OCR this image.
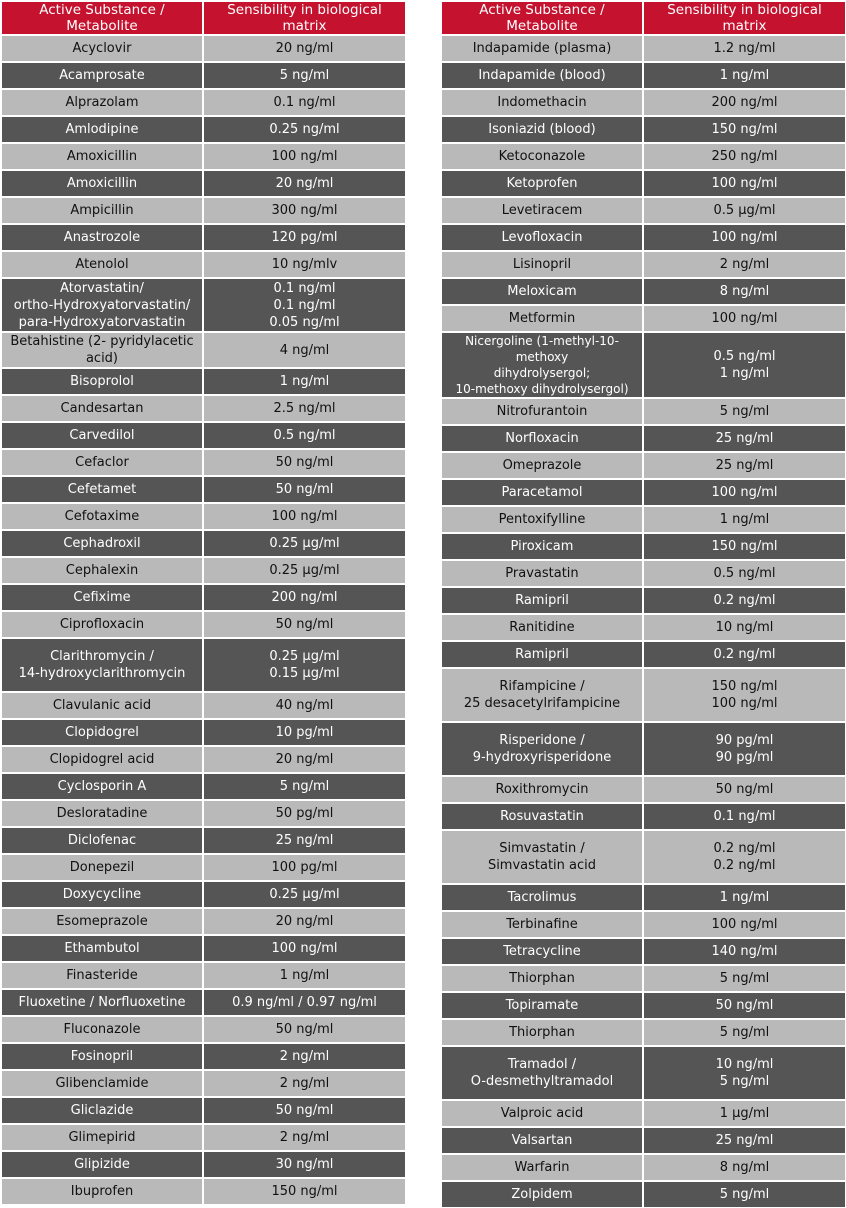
Active Substance / Metabolite	Sensibility in biological matrix
Acyclovir	20 ng/ml
Acamprosate	5 ng/ml
Alprazolam	0.1 ng/ml
Amlodipine	0.25 ng/ml
Amoxicillin	100 ng/ml
Amoxicillin	20 ng/ml
Ampicillin	300 ng/ml
Anastrozole	120 pg/ml
Atenolol	10 ng/mlv
Atorvastatin/
ortho-Hydroxyatorvastatin/
para-Hydroxyatorvastatin	0.1 ng/ml
0.1 ng/ml
0.05 ng/ml
Betahistine (2- pyridylacetic acid)	4 ng/ml
Bisoprolol	1 ng/ml
Candesartan	2.5 ng/ml
Carvedilol	0.5 ng/ml
Cefaclor	50 ng/ml
Cefetamet	50 ng/ml
Cefotaxime	100 ng/ml
Cephadroxil	0.25 µg/ml
Cephalexin	0.25 µg/ml
Cefixime	200 ng/ml
Ciprofloxacin	50 ng/ml
Clarithromycin /
14-hydroxyclarithromycin	0.25 µg/ml
0.15 µg/ml
Clavulanic acid	40 ng/ml
Clopidogrel	10 pg/ml
Clopidogrel acid	20 ng/ml
Cyclosporin A	5 ng/ml
Desloratadine	50 pg/ml
Diclofenac	25 ng/ml
Donepezil	100 pg/ml
Doxycycline	0.25 µg/ml
Esomeprazole	20 ng/ml
Ethambutol	100 ng/ml
Finasteride	1 ng/ml
Fluoxetine / Norfluoxetine	0.9 ng/ml / 0.97 ng/ml
Fluconazole	50 ng/ml
Fosinopril	2 ng/ml
Glibenclamide	2 ng/ml
Gliclazide	50 ng/ml
Glimepirid	2 ng/ml
Glipizide	30 ng/ml
Ibuprofen	150 ng/ml
Active Substance / Metabolite	Sensibility in biological matrix
Indapamide (plasma)	1.2 ng/ml
Indapamide (blood)	1 ng/ml
Indomethacin	200 ng/ml
Isoniazid (blood)	150 ng/ml
Ketoconazole	250 ng/ml
Ketoprofen	100 ng/ml
Levetiracem	0.5 µg/ml
Levofloxacin	100 ng/ml
Lisinopril	2 ng/ml
Meloxicam	8 ng/ml
Metformin	100 ng/ml
Nicergoline (1-methyl-10-methoxy
dihydrolysergol;
10-methoxy dihydrolysergol)	0.5 ng/ml
1 ng/ml
Nitrofurantoin	5 ng/ml
Norfloxacin	25 ng/ml
Omeprazole	25 ng/ml
Paracetamol	100 ng/ml
Pentoxifylline	1 ng/ml
Piroxicam	150 ng/ml
Pravastatin	0.5 ng/ml
Ramipril	0.2 ng/ml
Ranitidine	10 ng/ml
Ramipril	0.2 ng/ml
Rifampicine /
25 desacetylrifampicine	150 ng/ml
100 ng/ml
Risperidone /
9-hydroxyrisperidone	90 pg/ml
90 pg/ml
Roxithromycin	50 ng/ml
Rosuvastatin	0.1 ng/ml
Simvastatin /
Simvastatin acid	0.2 ng/ml
0.2 ng/ml
Tacrolimus	1 ng/ml
Terbinafine	100 ng/ml
Tetracycline	140 ng/ml
Thiorphan	5 ng/ml
Topiramate	50 ng/ml
Thiorphan	5 ng/ml
Tramadol /
O-desmethyltramadol	10 ng/ml
5 ng/ml
Valproic acid	1 µg/ml
Valsartan	25 ng/ml
Warfarin	8 ng/ml
Zolpidem	5 ng/ml
